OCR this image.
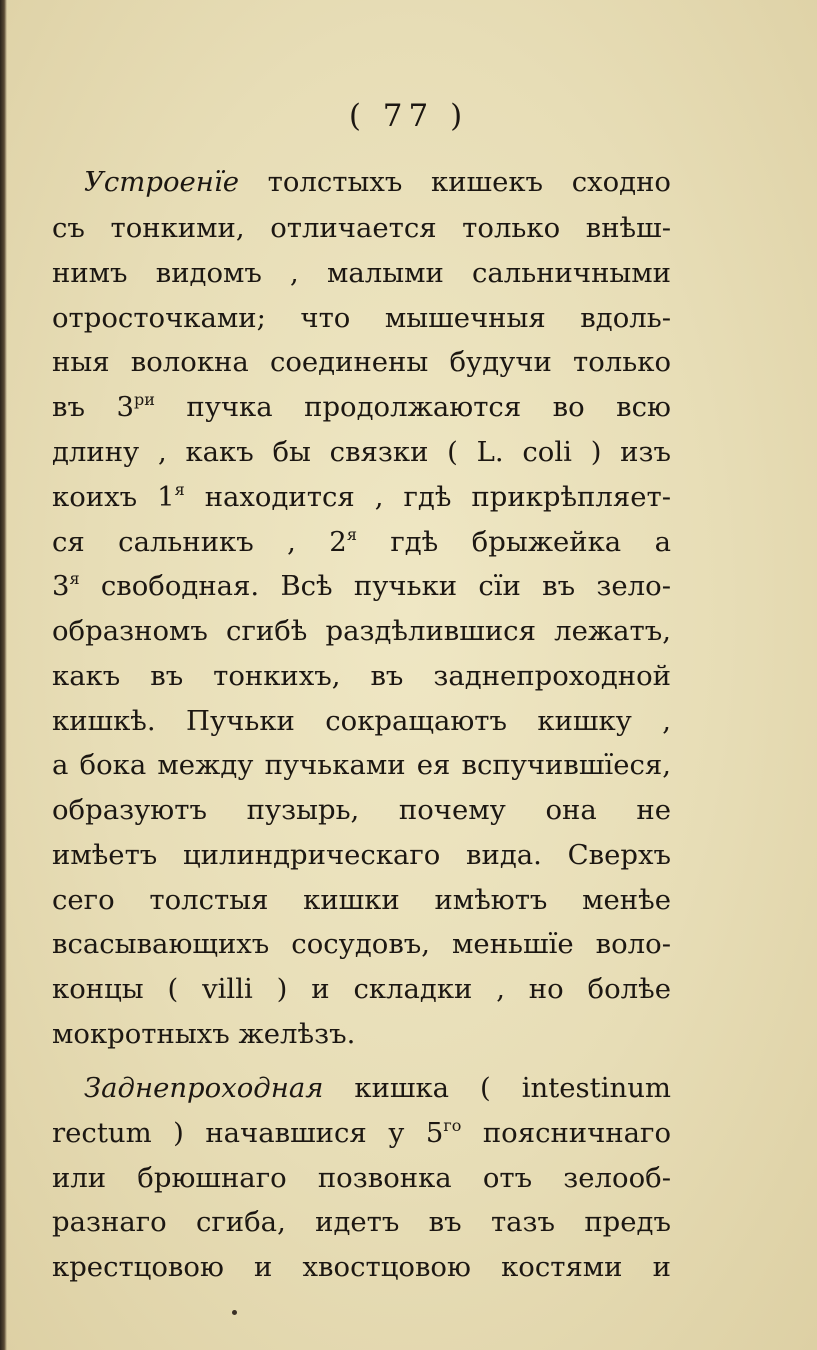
( 77 )
Устроенїе толстыхъ кишекъ сходно
съ тонкими, отличается только внѣш-
нимъ видомъ , малыми сальничными
отросточками; что мышечныя вдоль-
ныя волокна соединены будучи только
въ $3^{ри}$ пучка продолжаются во всю
длину , какъ бы связки ( L. coli ) изъ
коихъ $1^я$ находится , гдѣ прикрѣпляет-
ся сальникъ , $2^я$ гдѣ брыжейка а
$3^я$ свободная. Всѣ пучьки сїи въ зело-
образномъ сгибѣ раздѣлившися лежатъ,
какъ въ тонкихъ, въ заднепроходной
кишкѣ. Пучьки сокращаютъ кишку ,
а бока между пучьками ея вспучившїеся,
образуютъ пузырь, почему она не
имѣетъ цилиндрическаго вида. Сверхъ
сего толстыя кишки имѣютъ менѣе
всасывающихъ сосудовъ, меньшїе воло-
концы ( villi ) и складки , но болѣе
мокротныхъ желѣзъ.
Заднепроходная кишка ( intestinum
rectum ) начавшися у $5^{го}$ поясничнаго
или брюшнаго позвонка отъ зелооб-
разнаго сгиба, идетъ въ тазъ предъ
крестцовою и хвостцовою костями и
